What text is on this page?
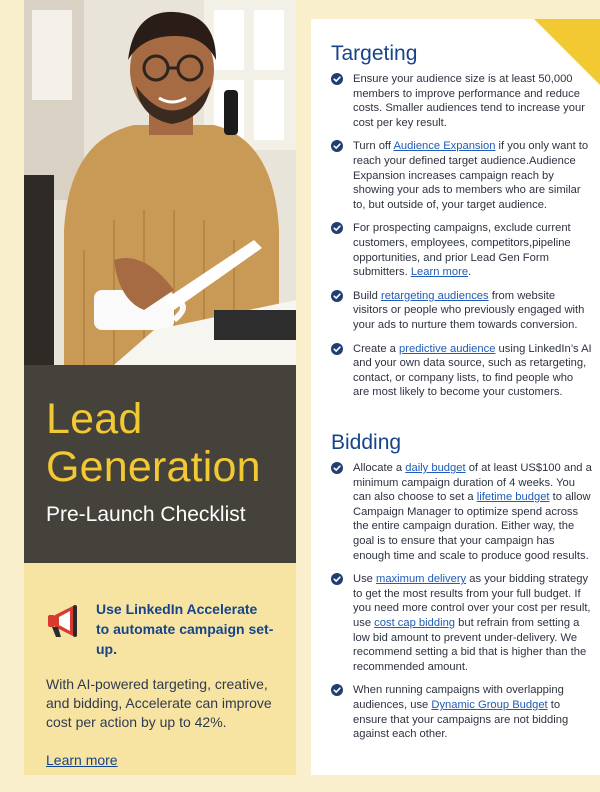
Lead
Generation
Pre-Launch Checklist
Use LinkedIn Accelerate to automate campaign set-up.
With AI-powered targeting, creative, and bidding, Accelerate can improve cost per action by up to 42%.
Learn more
Targeting
Ensure your audience size is at least 50,000 members to improve performance and reduce costs. Smaller audiences tend to increase your cost per key result.
Turn off Audience Expansion if you only want to reach your defined target audience.Audience Expansion increases campaign reach by showing your ads to members who are similar to, but outside of, your target audience.
For prospecting campaigns, exclude current customers, employees, competitors,pipeline opportunities, and prior Lead Gen Form submitters. Learn more.
Build retargeting audiences from website visitors or people who previously engaged with your ads to nurture them towards conversion.
Create a predictive audience using LinkedIn’s AI and your own data source, such as retargeting, contact, or company lists, to find people who are most likely to become your customers.
Bidding
Allocate a daily budget of at least US$100 and a minimum campaign duration of 4 weeks. You can also choose to set a lifetime budget to allow Campaign Manager to optimize spend across the entire campaign duration. Either way, the goal is to ensure that your campaign has enough time and scale to produce good results.
Use maximum delivery as your bidding strategy to get the most results from your full budget. If you need more control over your cost per result, use cost cap bidding but refrain from setting a low bid amount to prevent under-delivery. We recommend setting a bid that is higher than the recommended amount.
When running campaigns with overlapping audiences, use Dynamic Group Budget to ensure that your campaigns are not bidding against each other.
